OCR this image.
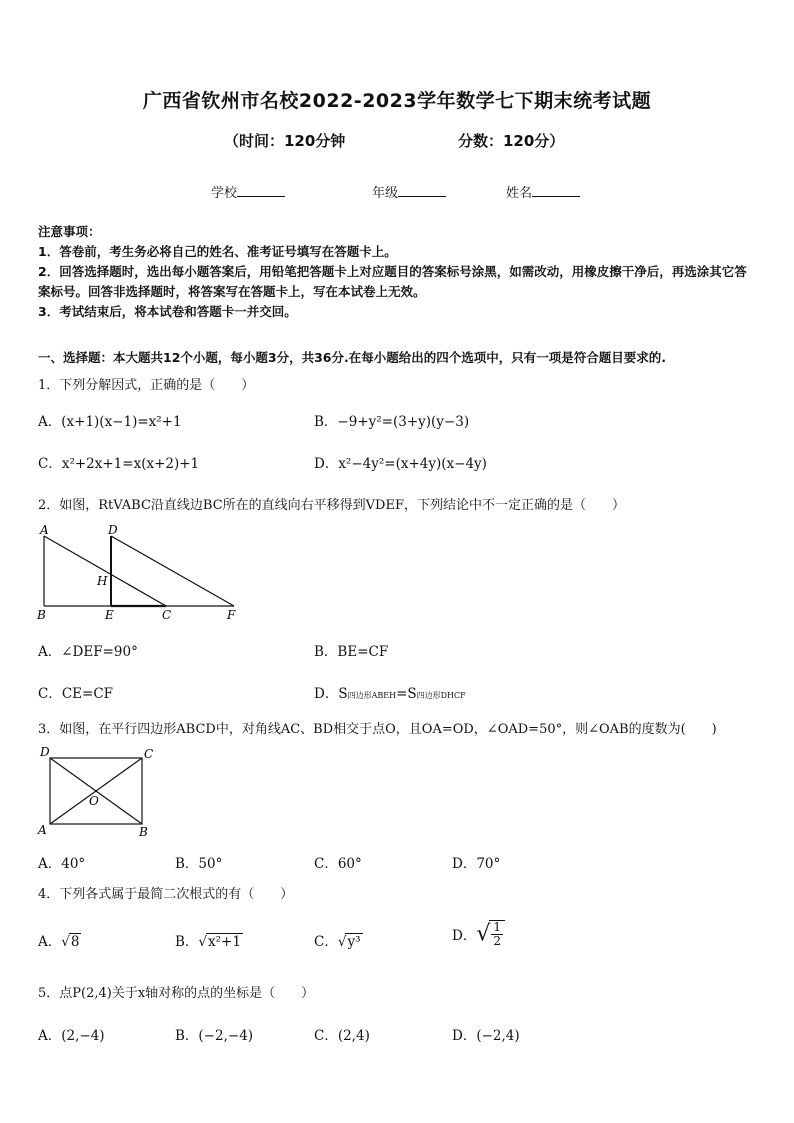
广西省钦州市名校2022-2023学年数学七下期末统考试题
（时间：120分钟	分数：120分）
学校	年级	姓名
注意事项：
1．答卷前，考生务必将自己的姓名、准考证号填写在答题卡上。
2．回答选择题时，选出每小题答案后，用铅笔把答题卡上对应题目的答案标号涂黑，如需改动，用橡皮擦干净后，再选涂其它答案标号。回答非选择题时，将答案写在答题卡上，写在本试卷上无效。
3．考试结束后，将本试卷和答题卡一并交回。
一、选择题：本大题共12个小题，每小题3分，共36分.在每小题给出的四个选项中，只有一项是符合题目要求的.
1．下列分解因式，正确的是（　　）
A．(x+1)(x−1)=x²+1	B．−9+y²=(3+y)(y−3)
C．x²+2x+1=x(x+2)+1	D．x²−4y²=(x+4y)(x−4y)
2．如图，RtVABC沿直线边BC所在的直线向右平移得到VDEF，下列结论中不一定正确的是（　　）
A	D
H
B	E	C	F
A．∠DEF=90°	B．BE=CF
C．CE=CF	D．S四边形ABEH=S四边形DHCF
3．如图，在平行四边形ABCD中，对角线AC、BD相交于点O，且OA=OD，∠OAD=50°，则∠OAB的度数为(　　)
D	C
O
A	B
A．40°	B．50°	C．60°	D．70°
4．下列各式属于最简二次根式的有（　　）
A．√8	B．√x²+1	C．√y³	D．√ $\frac{1}{2}$
5．点P(2,4)关于x轴对称的点的坐标是（　　）
A．(2,−4)	B．(−2,−4)	C．(2,4)	D．(−2,4)
